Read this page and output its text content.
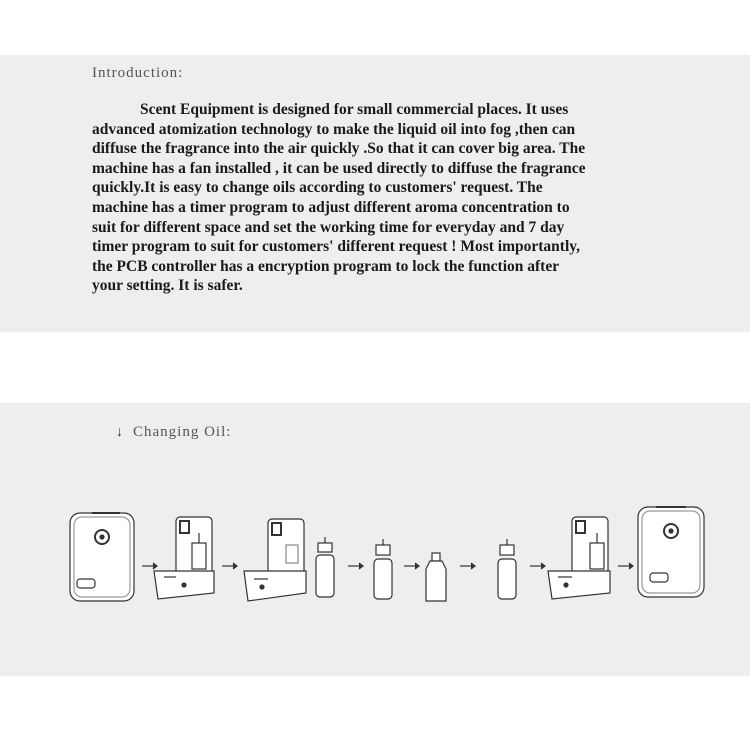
Introduction:
Scent Equipment is designed for small commercial places. It uses
advanced atomization technology to make the liquid oil into fog ,then can
diffuse the fragrance into the air quickly .So that it can cover big area. The
machine has a fan installed , it can be used directly to diffuse the fragrance
quickly.It is easy to change oils according to customers' request. The
machine has a timer program to adjust different aroma concentration to
suit for different space and set the working time for everyday and 7 day
timer program to suit for customers' different request ! Most importantly,
the PCB controller has a encryption program to lock the function after
your setting. It is safer.
↓ Changing Oil:
